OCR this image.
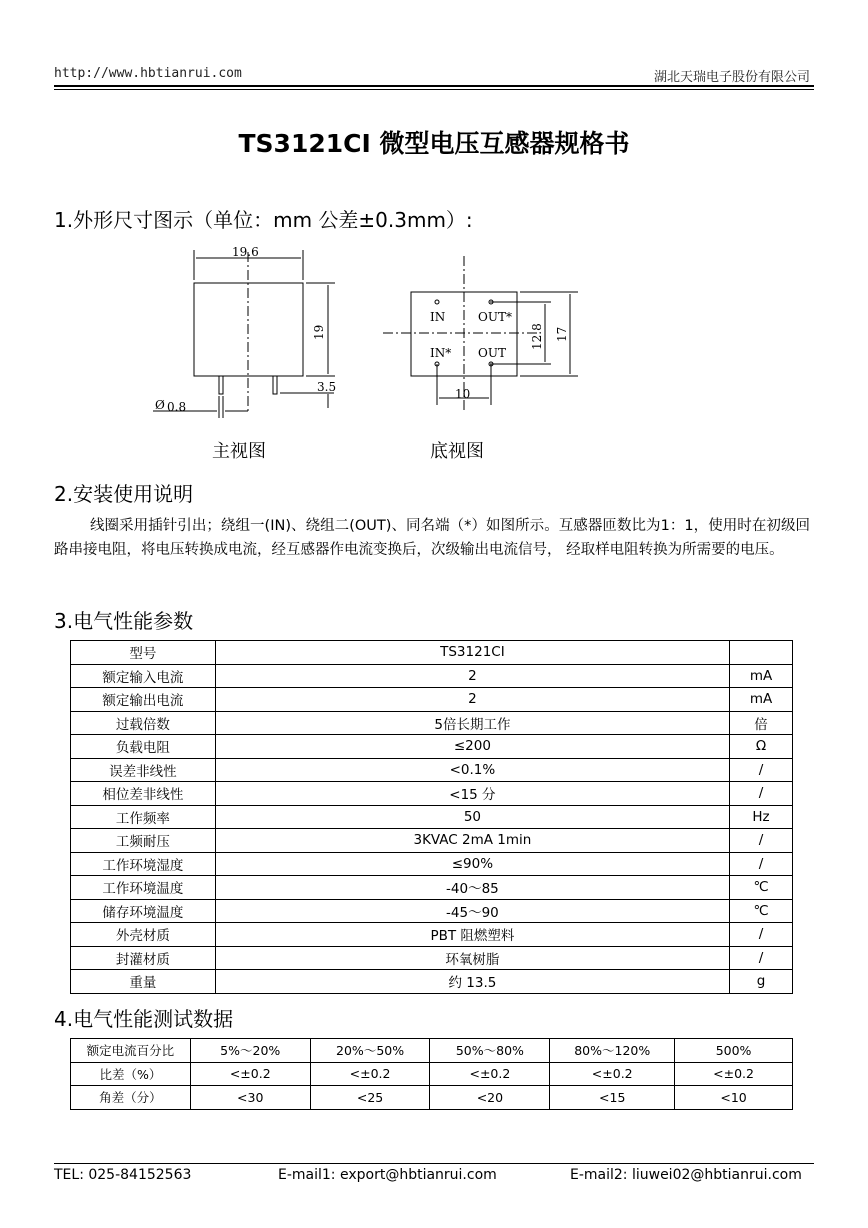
http://www.hbtianrui.com	湖北天瑞电子股份有限公司
TS3121CI 微型电压互感器规格书
1.外形尺寸图示（单位：mm 公差±0.3mm）:
19.6
19
3.5
Ø 0.8
IN	OUT*
IN* OUT
12.8 17
10
主视图	底视图
2.安装使用说明
线圈采用插针引出；绕组一(IN)、绕组二(OUT)、同名端（*）如图所示。互感器匝数比为1：1，使用时在初级回路串接电阻，将电压转换成电流，经互感器作电流变换后，次级输出电流信号， 经取样电阻转换为所需要的电压。
3.电气性能参数
型号	TS3121CI	
额定输入电流	2	mA
额定输出电流	2	mA
过载倍数	5倍长期工作	倍
负载电阻	≤200	Ω
误差非线性	<0.1%	/
相位差非线性	<15 分	/
工作频率	50	Hz
工频耐压	3KVAC 2mA 1min	/
工作环境湿度	≤90%	/
工作环境温度	-40～85	℃
储存环境温度	-45～90	℃
外壳材质	PBT 阻燃塑料	/
封灌材质	环氧树脂	/
重量	约 13.5	g
4.电气性能测试数据
额定电流百分比	5%～20%	20%～50%	50%～80%	80%～120%	500%
比差（%）	<±0.2	<±0.2	<±0.2	<±0.2	<±0.2
角差（分）	<30	<25	<20	<15	<10
TEL: 025-84152563	E-mail1: export@hbtianrui.com	E-mail2: liuwei02@hbtianrui.com
